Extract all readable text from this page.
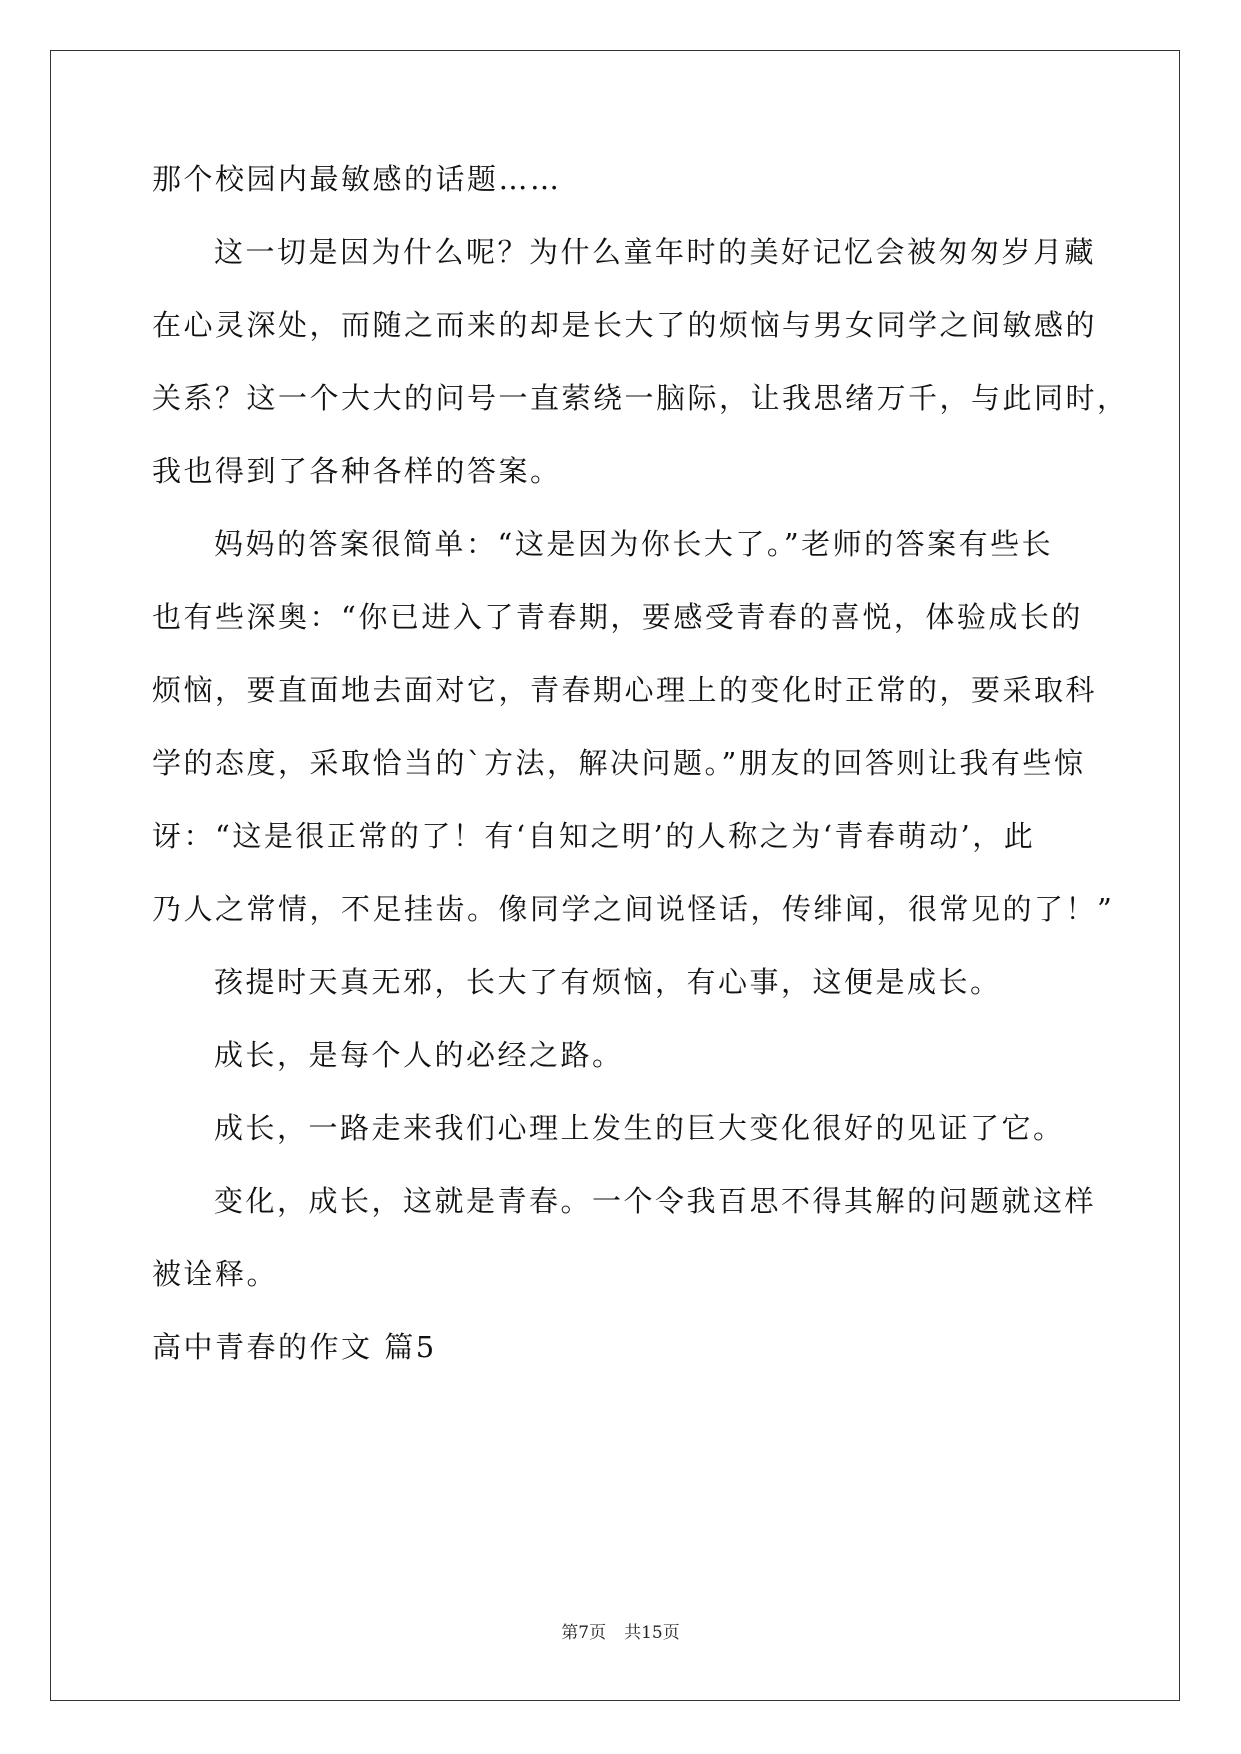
那个校园内最敏感的话题……
这一切是因为什么呢？为什么童年时的美好记忆会被匆匆岁月藏
在心灵深处，而随之而来的却是长大了的烦恼与男女同学之间敏感的
关系？这一个大大的问号一直萦绕一脑际，让我思绪万千，与此同时，
我也得到了各种各样的答案。
妈妈的答案很简单：“这是因为你长大了。”老师的答案有些长
也有些深奥：“你已进入了青春期，要感受青春的喜悦，体验成长的
烦恼，要直面地去面对它，青春期心理上的变化时正常的，要采取科
学的态度，采取恰当的`方法，解决问题。”朋友的回答则让我有些惊
讶：“这是很正常的了！有‘自知之明’的人称之为‘青春萌动’，此
乃人之常情，不足挂齿。像同学之间说怪话，传绯闻，很常见的了！”
孩提时天真无邪，长大了有烦恼，有心事，这便是成长。
成长，是每个人的必经之路。
成长，一路走来我们心理上发生的巨大变化很好的见证了它。
变化，成长，这就是青春。一个令我百思不得其解的问题就这样
被诠释。
高中青春的作文 篇5
第7页 共15页
